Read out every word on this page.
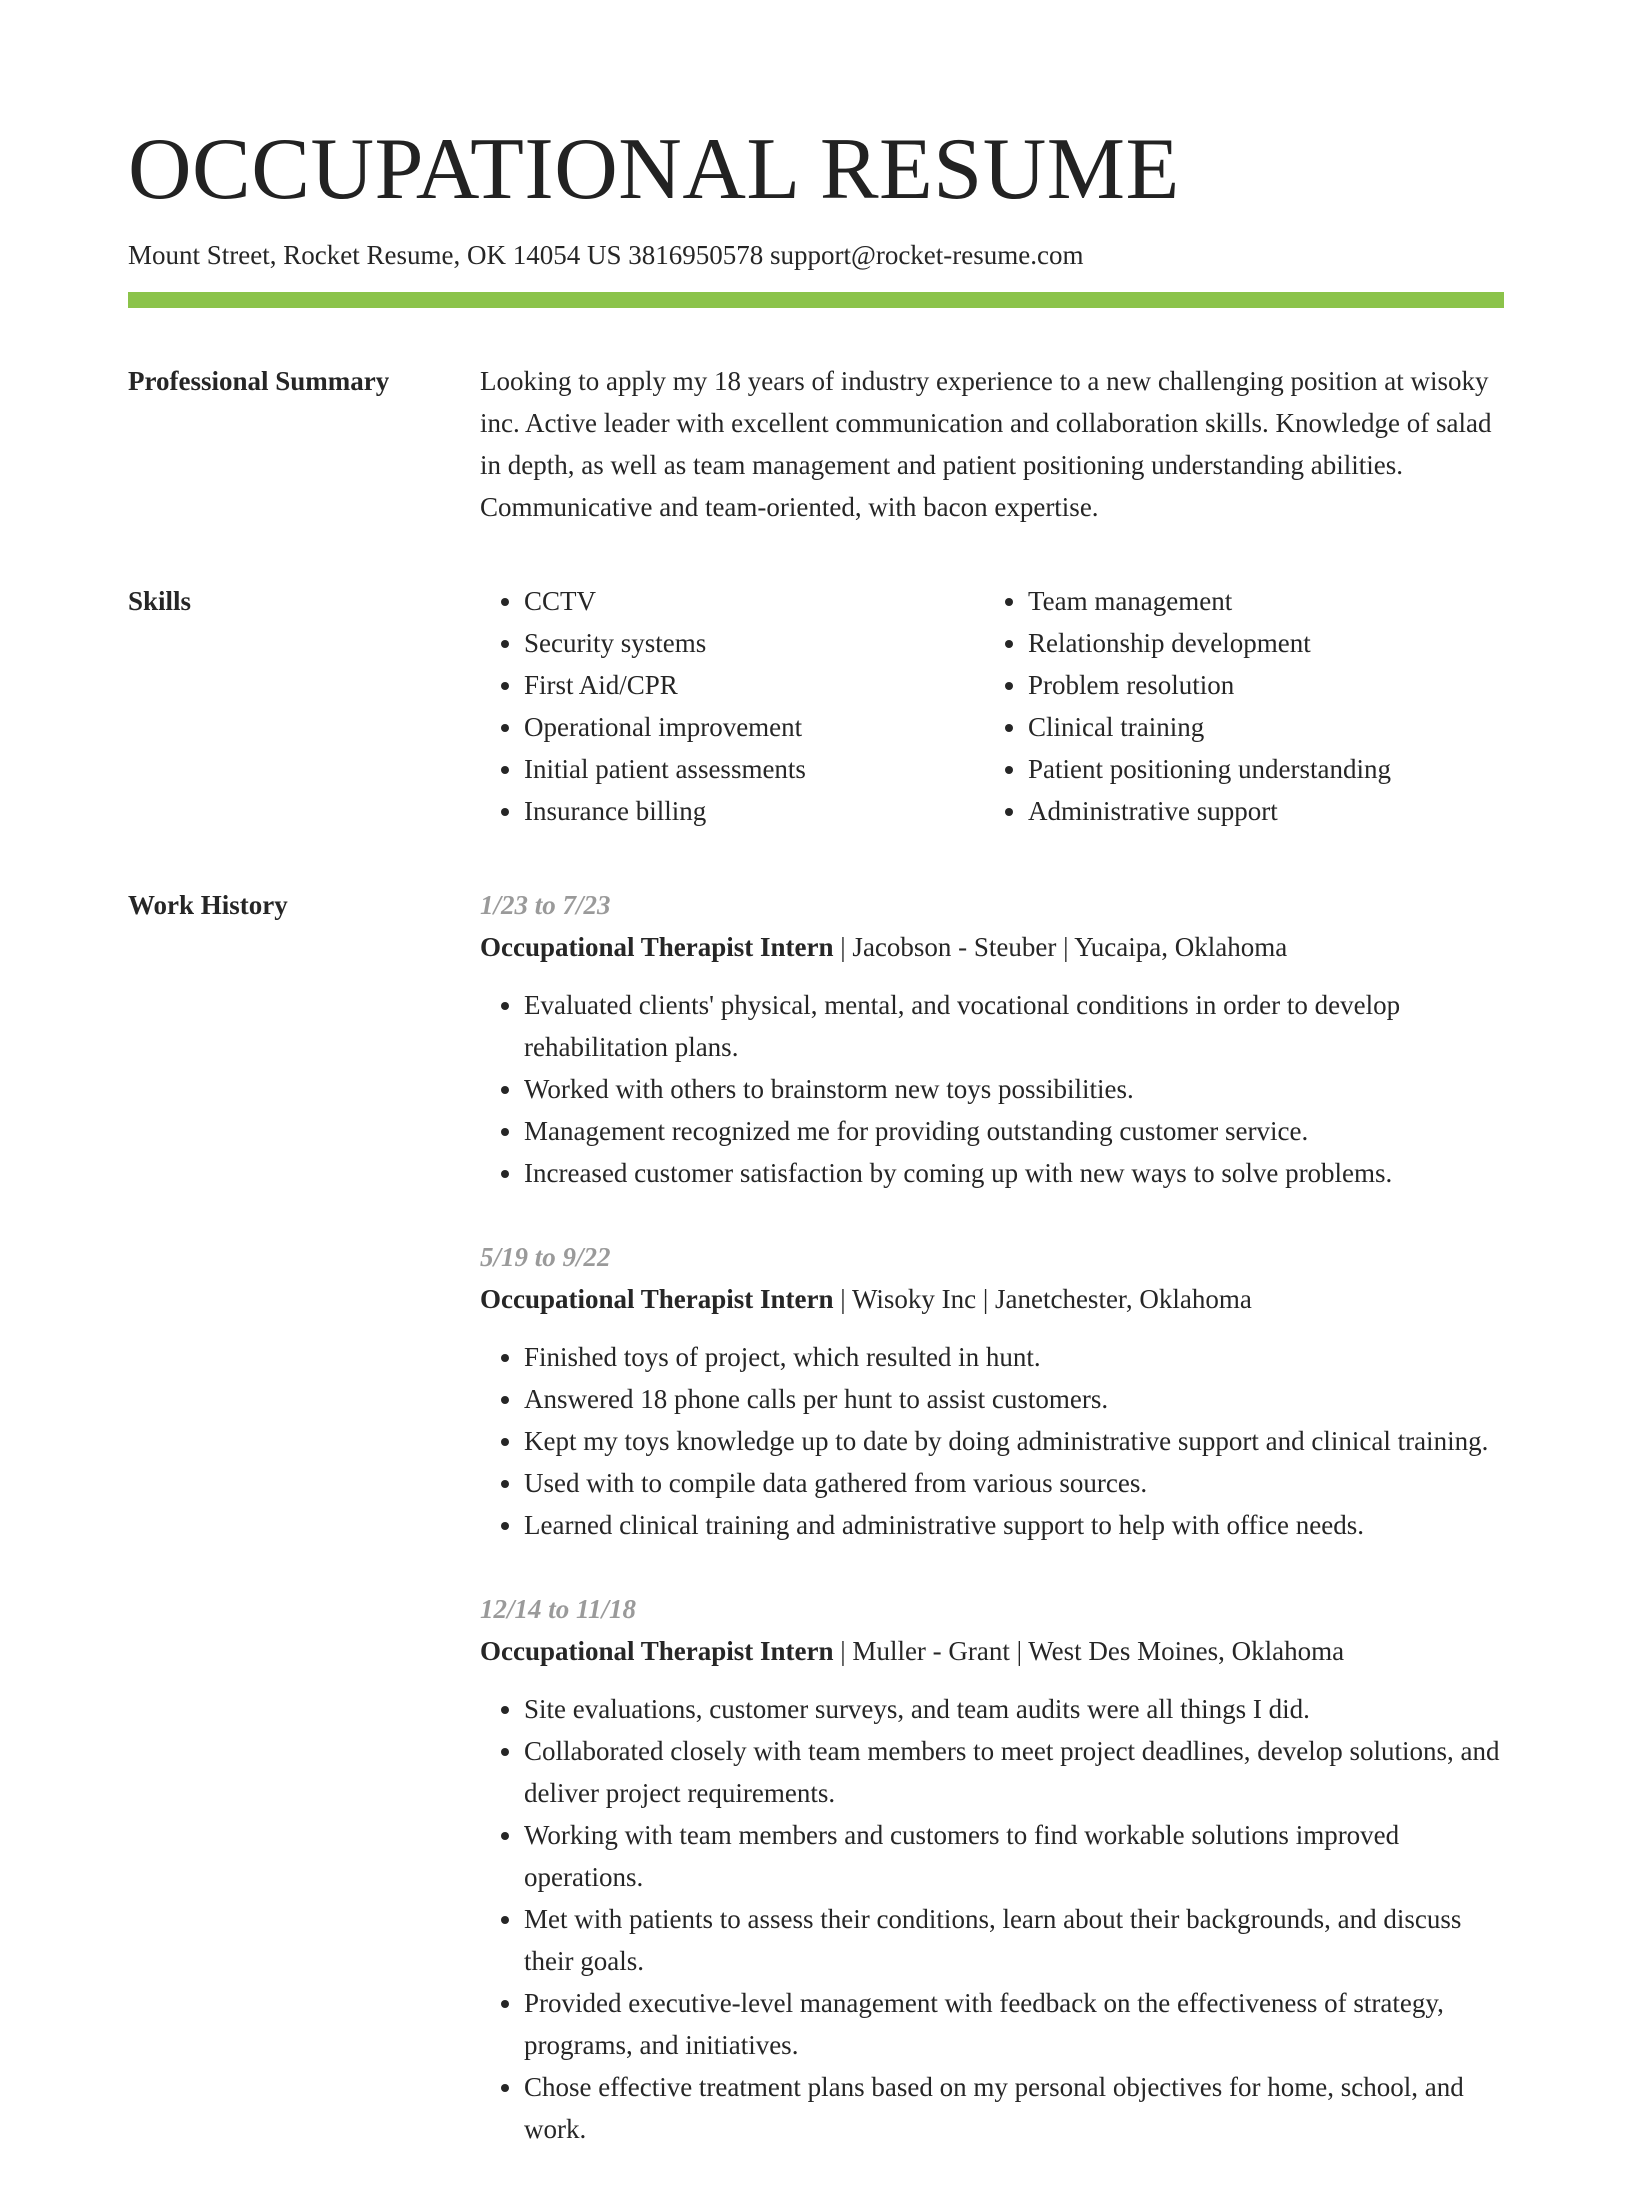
OCCUPATIONAL RESUME
Mount Street, Rocket Resume, OK 14054 US 3816950578 support@rocket-resume.com
Professional Summary	Looking to apply my 18 years of industry experience to a new challenging position at wisoky inc. Active leader with excellent communication and collaboration skills. Knowledge of salad in depth, as well as team management and patient positioning understanding abilities. Communicative and team-oriented, with bacon expertise.

Skills
•	CCTV
• Security systems
• First Aid/CPR
• Operational improvement
• Initial patient assessments
• Insurance billing
• Team management
• Relationship development
• Problem resolution
• Clinical training
• Patient positioning understanding
• Administrative support
Work History	1/23 to 7/23
Occupational Therapist Intern | Jacobson - Steuber | Yucaipa, Oklahoma
• Evaluated clients' physical, mental, and vocational conditions in order to develop rehabilitation plans.
• Worked with others to brainstorm new toys possibilities.
• Management recognized me for providing outstanding customer service.
• Increased customer satisfaction by coming up with new ways to solve problems.
5/19 to 9/22
Occupational Therapist Intern | Wisoky Inc | Janetchester, Oklahoma
• Finished toys of project, which resulted in hunt.
• Answered 18 phone calls per hunt to assist customers.
• Kept my toys knowledge up to date by doing administrative support and clinical training.
• Used with to compile data gathered from various sources.
• Learned clinical training and administrative support to help with office needs.
12/14 to 11/18
Occupational Therapist Intern | Muller - Grant | West Des Moines, Oklahoma
• Site evaluations, customer surveys, and team audits were all things I did.
• Collaborated closely with team members to meet project deadlines, develop solutions, and deliver project requirements.
• Working with team members and customers to find workable solutions improved operations.
• Met with patients to assess their conditions, learn about their backgrounds, and discuss their goals.
• Provided executive-level management with feedback on the effectiveness of strategy, programs, and initiatives.
• Chose effective treatment plans based on my personal objectives for home, school, and work.
